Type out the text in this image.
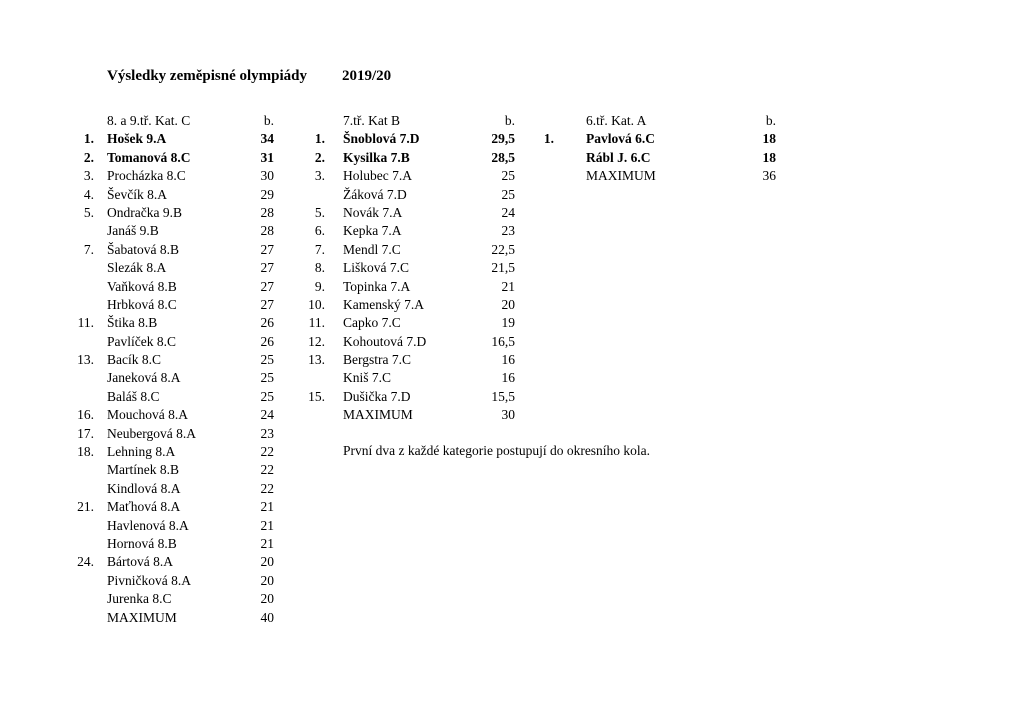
Výsledky zeměpisné olympiády 2019/20
8. a 9.tř. Kat. C	b.
1. Hošek 9.A	34
2. Tomanová 8.C	31
3. Procházka 8.C	30
4. Ševčík 8.A	29
5. Ondračka 9.B	28
Janáš 9.B	28
7. Šabatová 8.B	27
Slezák 8.A	27
Vaňková 8.B	27
Hrbková 8.C	27
11. Štika 8.B	26
Pavlíček 8.C	26
13. Bacík 8.C	25
Janeková 8.A	25
Baláš 8.C	25
16. Mouchová 8.A	24
17. Neubergová 8.A	23
18. Lehning 8.A	22
Martínek 8.B	22
Kindlová 8.A	22
21. Maťhová 8.A	21
Havlenová 8.A	21
Hornová 8.B	21
24. Bártová 8.A	20
Pivničková 8.A	20
Jurenka 8.C	20
MAXIMUM	40
7.tř. Kat B	b.
1. Šnoblová 7.D	29,5
2. Kysilka 7.B	28,5
3. Holubec 7.A	25
Žáková 7.D	25
5. Novák 7.A	24
6. Kepka 7.A	23
7. Mendl 7.C	22,5
8. Lišková 7.C	21,5
9. Topinka 7.A	21
10. Kamenský 7.A	20
11. Capko 7.C	19
12. Kohoutová 7.D	16,5
13. Bergstra 7.C	16
Kniš 7.C	16
15. Dušička 7.D	15,5
MAXIMUM	30
6.tř. Kat. A	b.
1. Pavlová 6.C	18
Rábl J. 6.C	18
MAXIMUM	36
První dva z každé kategorie postupují do okresního kola.
